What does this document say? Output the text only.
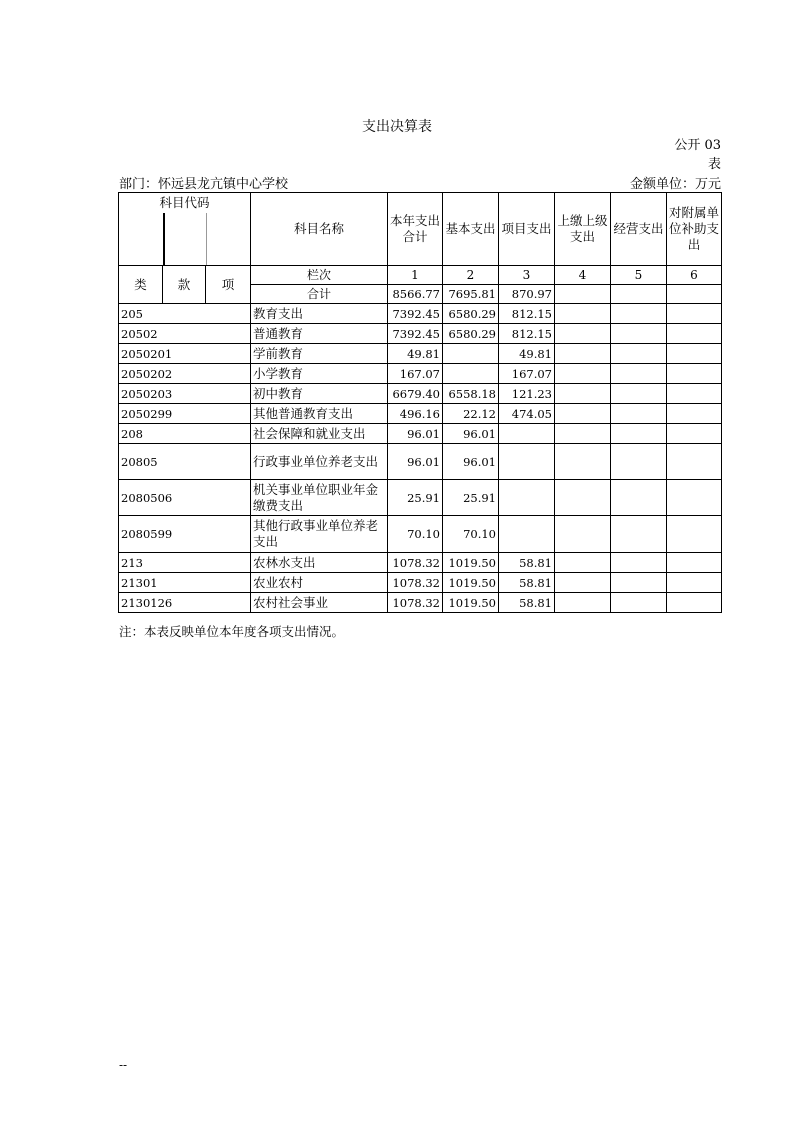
支出决算表
公开 03
表
部门：怀远县龙亢镇中心学校	金额单位：万元
科目代码			科目名称	本年支出合计	基本支出	项目支出	上缴上级支出	经营支出	对附属单位补助支出
类	款	项	栏次	1	2	3	4	5	6
			合计	8566.77	7695.81	870.97			
205			教育支出	7392.45	6580.29	812.15			
20502			普通教育	7392.45	6580.29	812.15			
2050201			学前教育	49.81		49.81			
2050202			小学教育	167.07		167.07			
2050203			初中教育	6679.40	6558.18	121.23			
2050299			其他普通教育支出	496.16	22.12	474.05			
208			社会保障和就业支出	96.01	96.01				
20805			行政事业单位养老支出	96.01	96.01				
2080506			机关事业单位职业年金缴费支出	25.91	25.91				
2080599			其他行政事业单位养老支出	70.10	70.10				
213			农林水支出	1078.32	1019.50	58.81			
21301			农业农村	1078.32	1019.50	58.81			
2130126			农村社会事业	1078.32	1019.50	58.81			
注：本表反映单位本年度各项支出情况。
--
